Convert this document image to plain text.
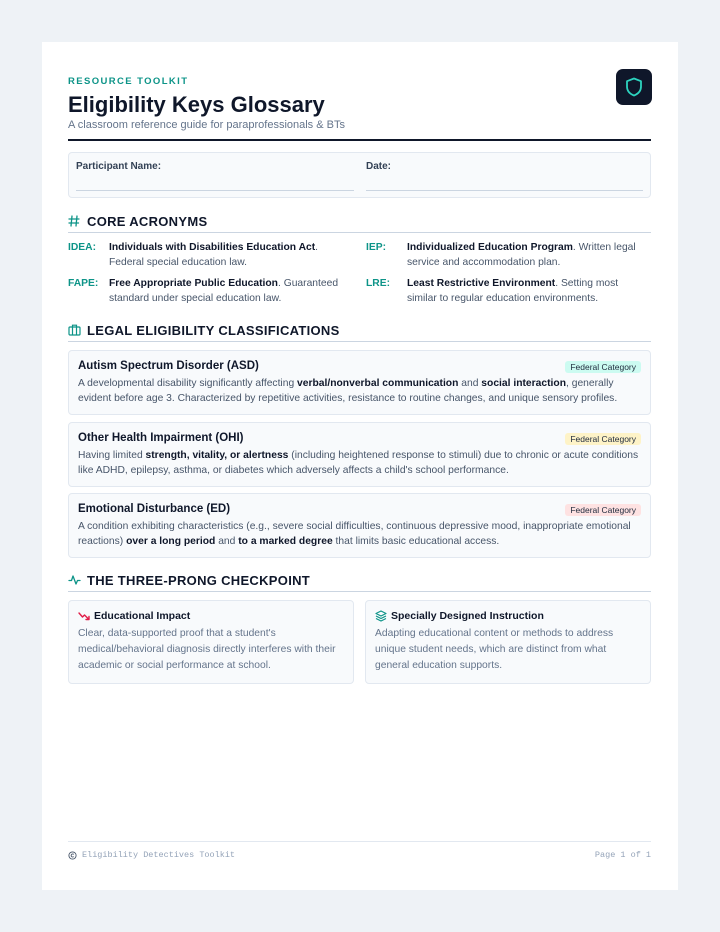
RESOURCE TOOLKIT
Eligibility Keys Glossary
A classroom reference guide for paraprofessionals & BTs
Participant Name:	Date:
CORE ACRONYMS
IDEA: Individuals with Disabilities Education Act. Federal special education law.
IEP: Individualized Education Program. Written legal service and accommodation plan.
FAPE: Free Appropriate Public Education. Guaranteed standard under special education law.
LRE: Least Restrictive Environment. Setting most similar to regular education environments.
LEGAL ELIGIBILITY CLASSIFICATIONS
Autism Spectrum Disorder (ASD)	Federal Category
A developmental disability significantly affecting verbal/nonverbal communication and social interaction, generally evident before age 3. Characterized by repetitive activities, resistance to routine changes, and unique sensory profiles.
Other Health Impairment (OHI)	Federal Category
Having limited strength, vitality, or alertness (including heightened response to stimuli) due to chronic or acute conditions like ADHD, epilepsy, asthma, or diabetes which adversely affects a child's school performance.
Emotional Disturbance (ED)	Federal Category
A condition exhibiting characteristics (e.g., severe social difficulties, continuous depressive mood, inappropriate emotional reactions) over a long period and to a marked degree that limits basic educational access.
THE THREE-PRONG CHECKPOINT
Educational Impact
Clear, data-supported proof that a student's medical/behavioral diagnosis directly interferes with their academic or social performance at school.
Specially Designed Instruction
Adapting educational content or methods to address unique student needs, which are distinct from what general education supports.
Eligibility Detectives Toolkit	Page 1 of 1
